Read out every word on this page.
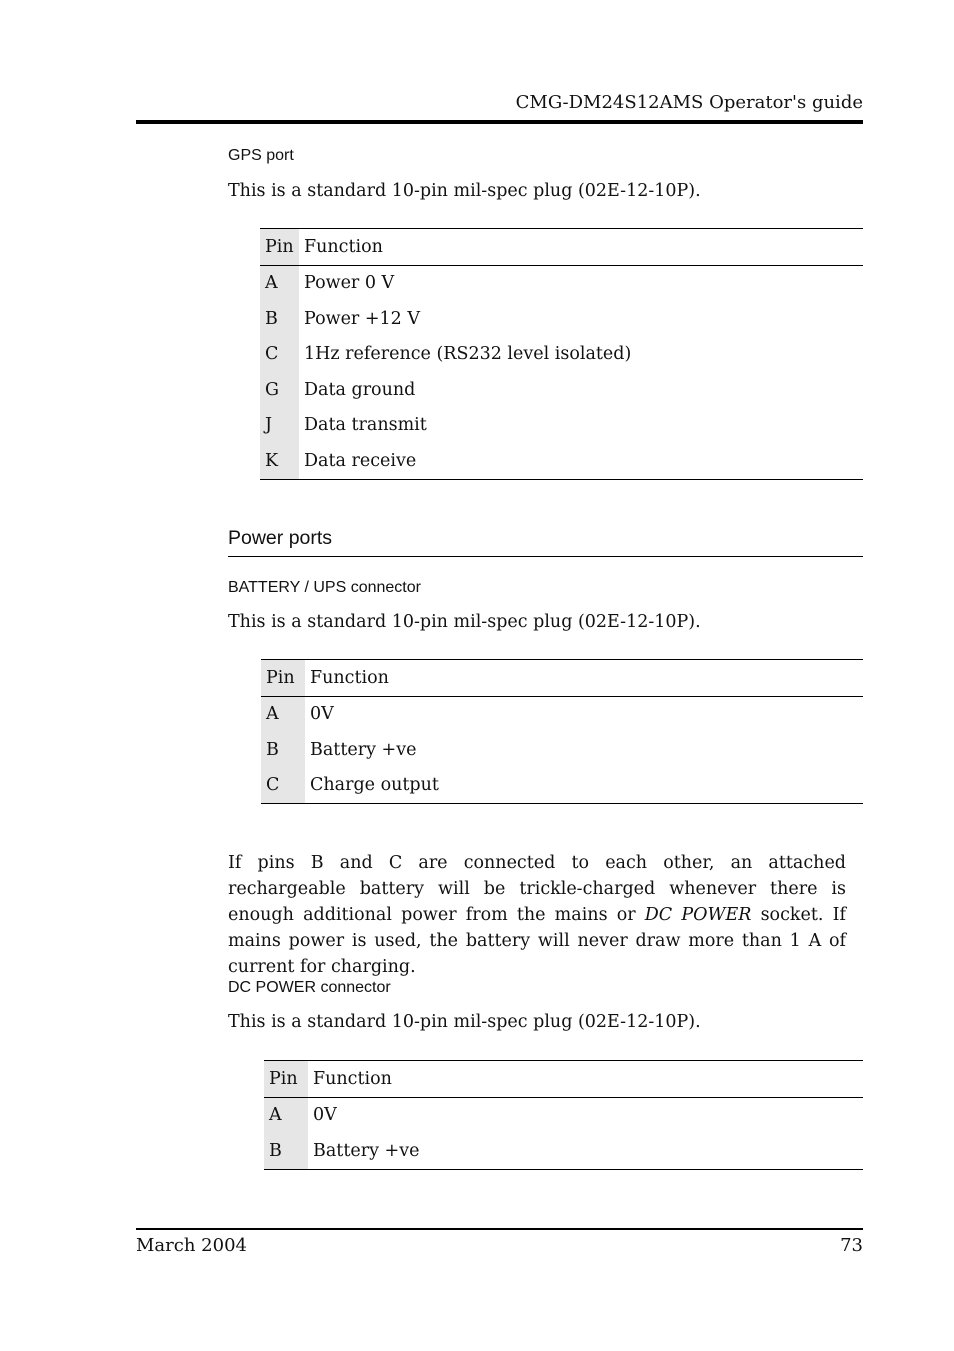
CMG-DM24S12AMS Operator's guide
GPS port
This is a standard 10-pin mil-spec plug (02E-12-10P).
Pin	Function
A	Power 0 V
B	Power +12 V
C	1Hz reference (RS232 level isolated)
G	Data ground
J	Data transmit
K	Data receive
Power ports
BATTERY / UPS connector
This is a standard 10-pin mil-spec plug (02E-12-10P).
Pin	Function
A	0V
B	Battery +ve
C	Charge output
If pins B and C are connected to each other, an attached rechargeable battery will be trickle-charged whenever there is enough additional power from the mains or DC POWER socket. If mains power is used, the battery will never draw more than 1 A of current for charging.
DC POWER connector
This is a standard 10-pin mil-spec plug (02E-12-10P).
Pin	Function
A	0V
B	Battery +ve
March 2004	73
